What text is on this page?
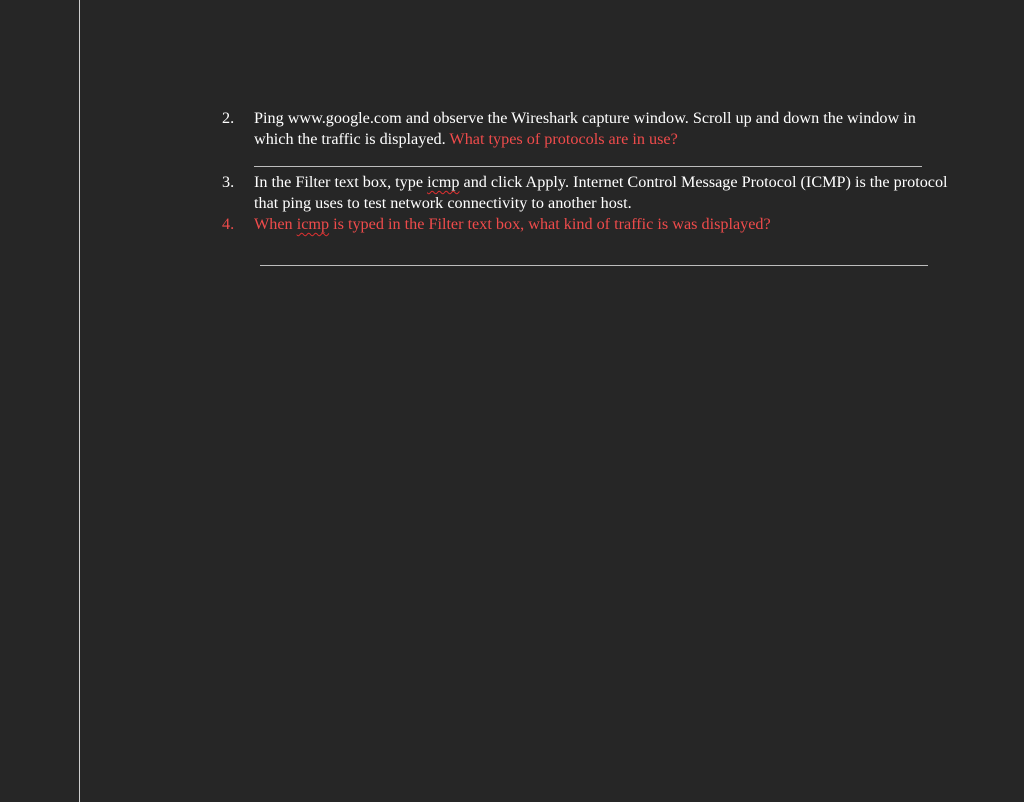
2.	Ping www.google.com and observe the Wireshark capture window. Scroll up and down the window in which the traffic is displayed. What types of protocols are in use?
3.	In the Filter text box, type icmp and click Apply. Internet Control Message Protocol (ICMP) is the protocol that ping uses to test network connectivity to another host.
4.	When icmp is typed in the Filter text box, what kind of traffic is was displayed?
